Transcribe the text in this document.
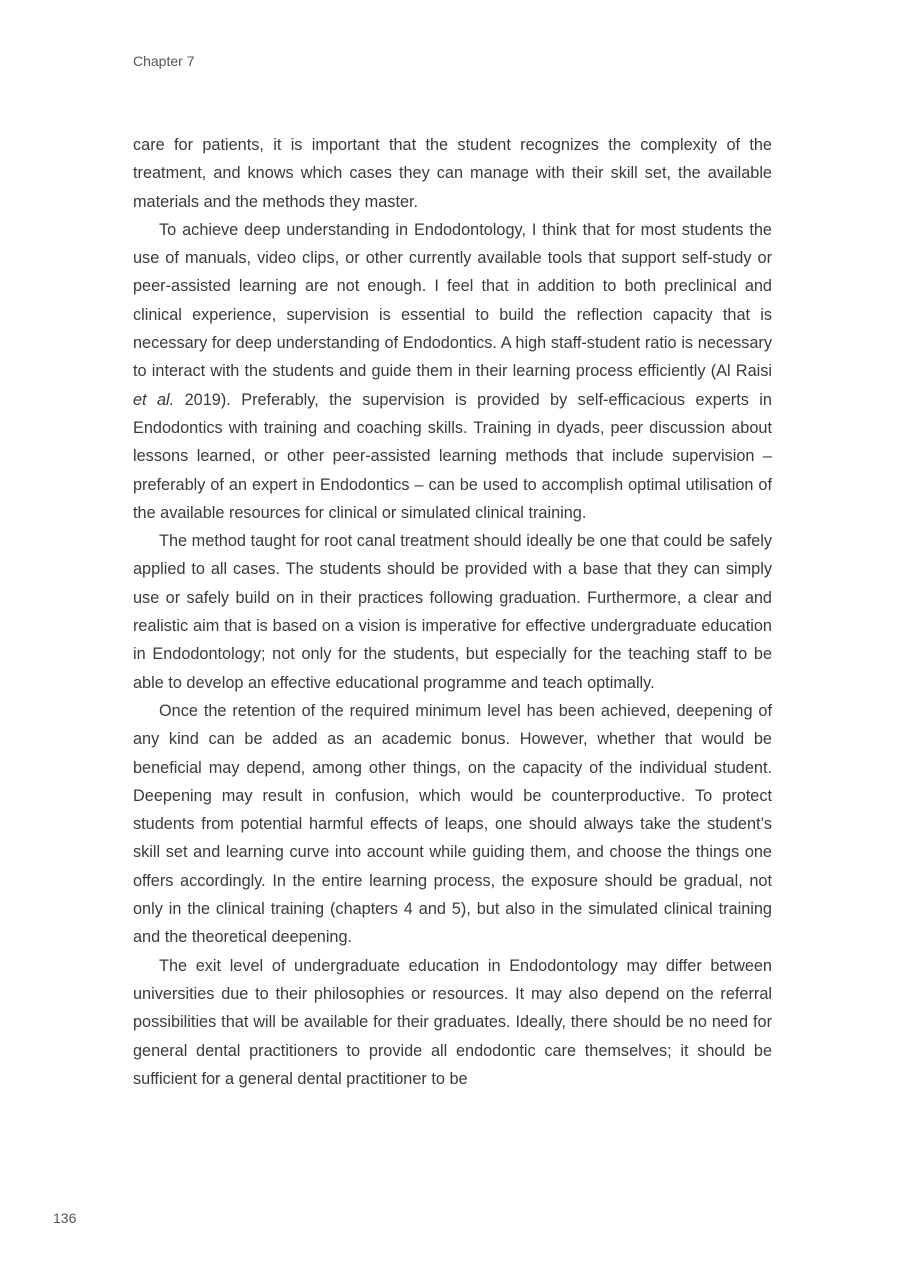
Chapter 7

care for patients, it is important that the student recognizes the complexity of the treatment, and knows which cases they can manage with their skill set, the available materials and the methods they master.

To achieve deep understanding in Endodontology, I think that for most students the use of manuals, video clips, or other currently available tools that support self-study or peer-assisted learning are not enough. I feel that in addition to both preclinical and clinical experience, supervision is essential to build the reflection capacity that is necessary for deep understanding of Endodontics. A high staff-student ratio is necessary to interact with the students and guide them in their learning process efficiently (Al Raisi et al. 2019). Preferably, the supervision is provided by self-efficacious experts in Endodontics with training and coaching skills. Training in dyads, peer discussion about lessons learned, or other peer-assisted learning methods that include supervision – preferably of an expert in Endodontics – can be used to accomplish optimal utilisation of the available resources for clinical or simulated clinical training.

The method taught for root canal treatment should ideally be one that could be safely applied to all cases. The students should be provided with a base that they can simply use or safely build on in their practices following graduation. Furthermore, a clear and realistic aim that is based on a vision is imperative for effective undergraduate education in Endodontology; not only for the students, but especially for the teaching staff to be able to develop an effective educational programme and teach optimally.

Once the retention of the required minimum level has been achieved, deepening of any kind can be added as an academic bonus. However, whether that would be beneficial may depend, among other things, on the capacity of the individual student. Deepening may result in confusion, which would be counterproductive. To protect students from potential harmful effects of leaps, one should always take the student’s skill set and learning curve into account while guiding them, and choose the things one offers accordingly. In the entire learning process, the exposure should be gradual, not only in the clinical training (chapters 4 and 5), but also in the simulated clinical training and the theoretical deepening.

The exit level of undergraduate education in Endodontology may differ between universities due to their philosophies or resources. It may also depend on the referral possibilities that will be available for their graduates. Ideally, there should be no need for general dental practitioners to provide all endodontic care themselves; it should be sufficient for a general dental practitioner to be

136
